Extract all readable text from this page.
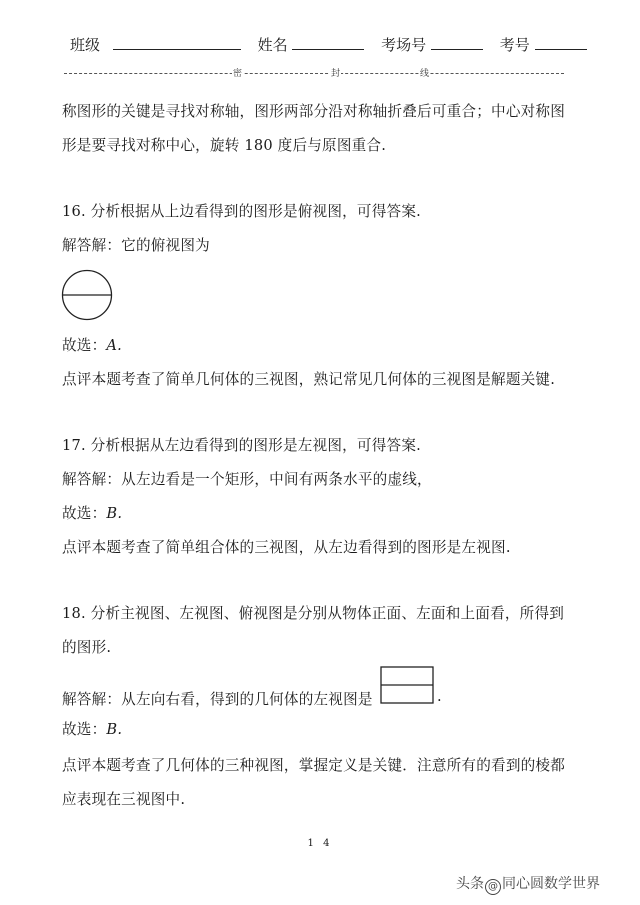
班级	姓名	考场号	考号
密	封	线
称图形的关键是寻找对称轴，图形两部分沿对称轴折叠后可重合；中心对称图
形是要寻找对称中心，旋转 180 度后与原图重合.
16. 分析根据从上边看得到的图形是俯视图，可得答案.
解答解：它的俯视图为
故选：A.
点评本题考查了简单几何体的三视图，熟记常见几何体的三视图是解题关键.
17. 分析根据从左边看得到的图形是左视图，可得答案.
解答解：从左边看是一个矩形，中间有两条水平的虚线，
故选：B.
点评本题考查了简单组合体的三视图，从左边看得到的图形是左视图.
18. 分析主视图、左视图、俯视图是分别从物体正面、左面和上面看，所得到
的图形.
解答解：从左向右看，得到的几何体的左视图是	.
故选：B.
点评本题考查了几何体的三种视图，掌握定义是关键．注意所有的看到的棱都
应表现在三视图中.
1 4
头条 @ 同心圆数学世界
